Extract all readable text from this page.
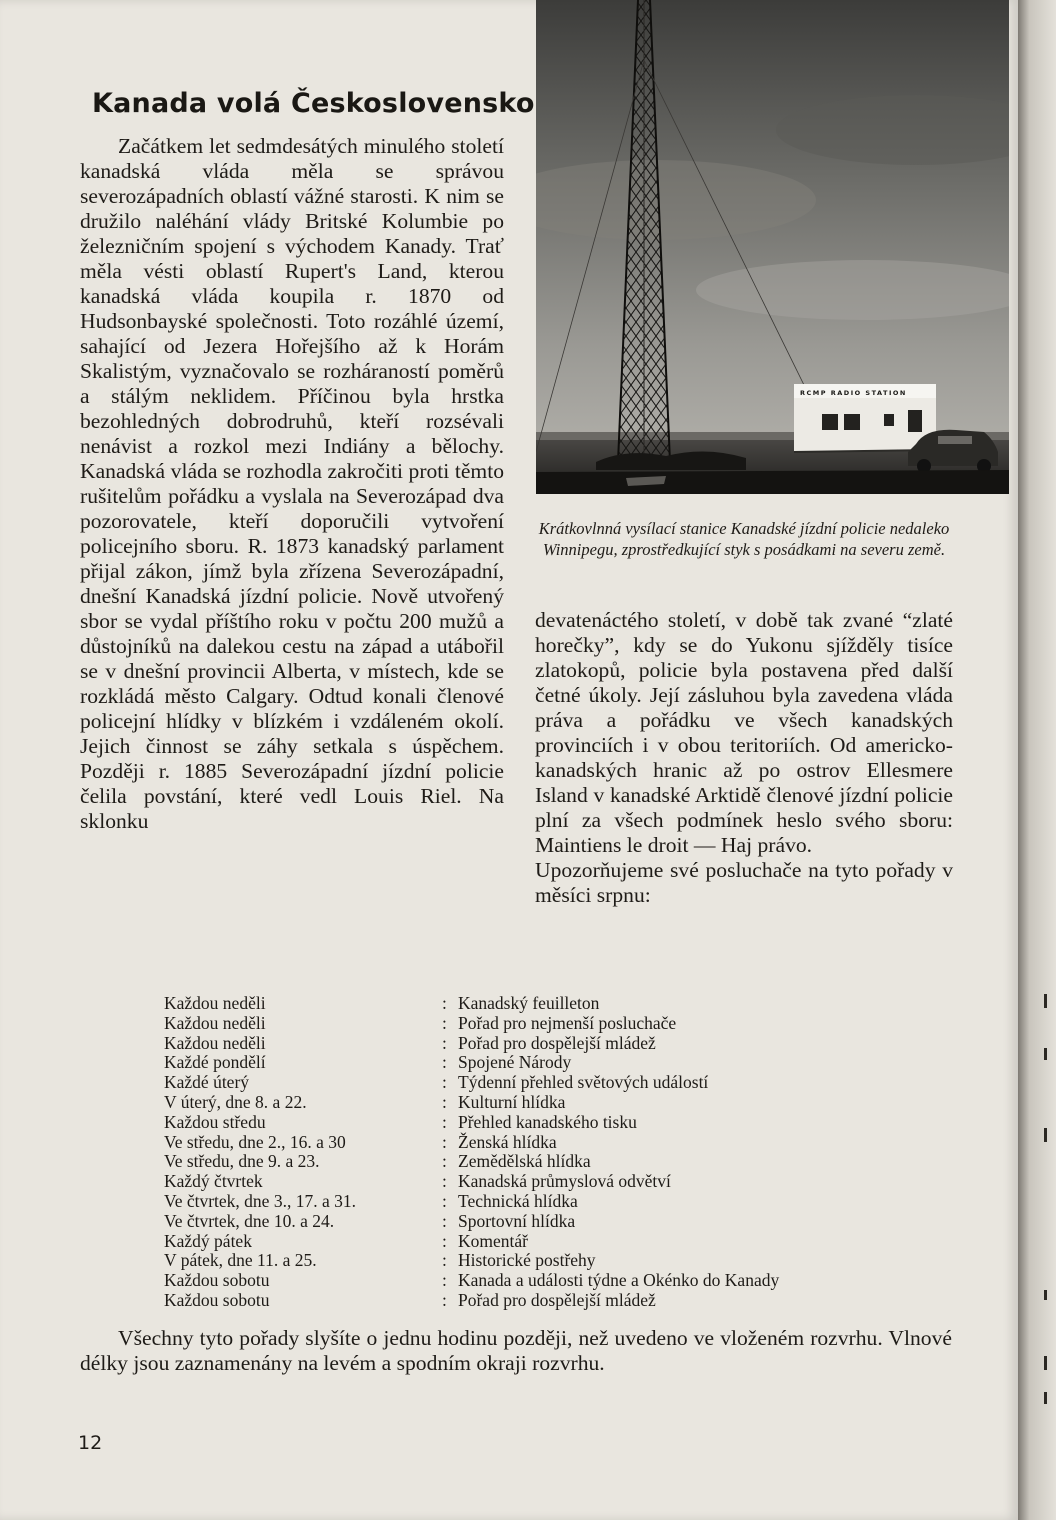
Kanada volá Československo

Začátkem let sedmdesátých minulého století kanadská vláda měla se správou severozápadních oblastí vážné starosti. K nim se družilo naléhání vlády Britské Kolumbie po železničním spojení s východem Kanady. Trať měla vésti oblastí Rupert's Land, kterou kanadská vláda koupila r. 1870 od Hudsonbayské společnosti. Toto rozáhlé území, sahající od Jezera Hořejšího až k Horám Skalistým, vyznačovalo se rozháraností poměrů a stálým neklidem. Příčinou byla hrstka bezohledných dobrodruhů, kteří rozsévali nenávist a rozkol mezi Indiány a bělochy. Kanadská vláda se rozhodla zakročiti proti těmto rušitelům pořádku a vyslala na Severozápad dva pozorovatele, kteří doporučili vytvoření policejního sboru. R. 1873 kanadský parlament přijal zákon, jímž byla zřízena Severozápadní, dnešní Kanadská jízdní policie. Nově utvořený sbor se vydal příštího roku v počtu 200 mužů a důstojníků na dalekou cestu na západ a utábořil se v dnešní provincii Alberta, v místech, kde se rozkládá město Calgary. Odtud konali členové policejní hlídky v blízkém i vzdáleném okolí. Jejich činnost se záhy setkala s úspěchem. Později r. 1885 Severozápadní jízdní policie čelila povstání, které vedl Louis Riel. Na sklonku

RCMP RADIO STATION

Krátkovlnná vysílací stanice Kanadské jízdní policie nedaleko Winnipegu, zprostředkující styk s posádkami na severu země.

devatenáctého století, v době tak zvané “zlaté horečky”, kdy se do Yukonu sjížděly tisíce zlatokopů, policie byla postavena před další četné úkoly. Její zásluhou byla zavedena vláda práva a pořádku ve všech kanadských provinciích i v obou teritoriích. Od americko-kanadských hranic až po ostrov Ellesmere Island v kanadské Arktidě členové jízdní policie plní za všech podmínek heslo svého sboru: Maintiens le droit — Haj právo.

Upozorňujeme své posluchače na tyto pořady v měsíci srpnu:

Každou neděli	: Kanadský feuilleton
Každou neděli	: Pořad pro nejmenší posluchače
Každou neděli	: Pořad pro dospělejší mládež
Každé pondělí	: Spojené Národy
Každé úterý	: Týdenní přehled světových událostí
V úterý, dne 8. a 22.	: Kulturní hlídka
Každou středu	: Přehled kanadského tisku
Ve středu, dne 2., 16. a 30	: Ženská hlídka
Ve středu, dne 9. a 23.	: Zemědělská hlídka
Každý čtvrtek	: Kanadská průmyslová odvětví
Ve čtvrtek, dne 3., 17. a 31.	: Technická hlídka
Ve čtvrtek, dne 10. a 24.	: Sportovní hlídka
Každý pátek	: Komentář
V pátek, dne 11. a 25.	: Historické postřehy
Každou sobotu	: Kanada a události týdne a Okénko do Kanady
Každou sobotu	: Pořad pro dospělejší mládež

Všechny tyto pořady slyšíte o jednu hodinu později, než uvedeno ve vloženém rozvrhu. Vlnové délky jsou zaznamenány na levém a spodním okraji rozvrhu.

12
